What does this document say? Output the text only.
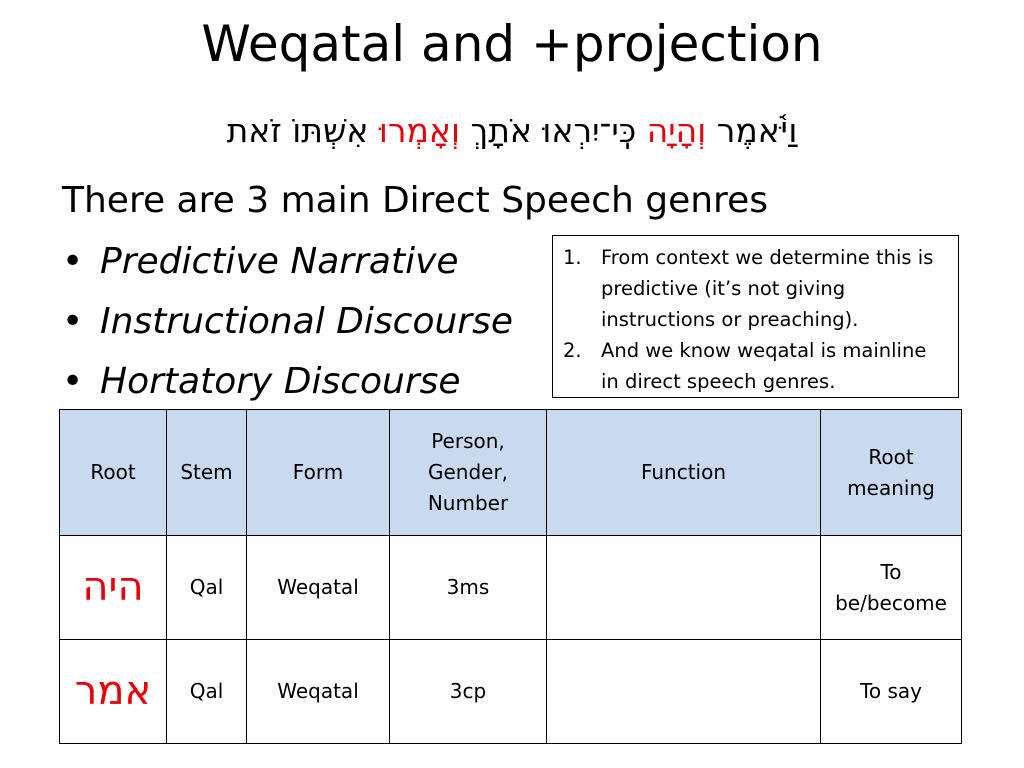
Weqatal and +projection
וַיֹּ֫אמֶר וְהָיָה כִּֽי־יִרְאוּ אֹתָךְ וְאָמְרוּ אִשְׁתּוֹ זֹאת
There are 3 main Direct Speech genres
• Predictive Narrative
• Instructional Discourse
• Hortatory Discourse
1. From context we determine this is predictive (it’s not giving instructions or preaching).
2. And we know weqatal is mainline in direct speech genres.
Root	Stem	Form	Person, Gender, Number	Function	Root meaning
היה	Qal	Weqatal	3ms		To be/become
אמר	Qal	Weqatal	3cp		To say
